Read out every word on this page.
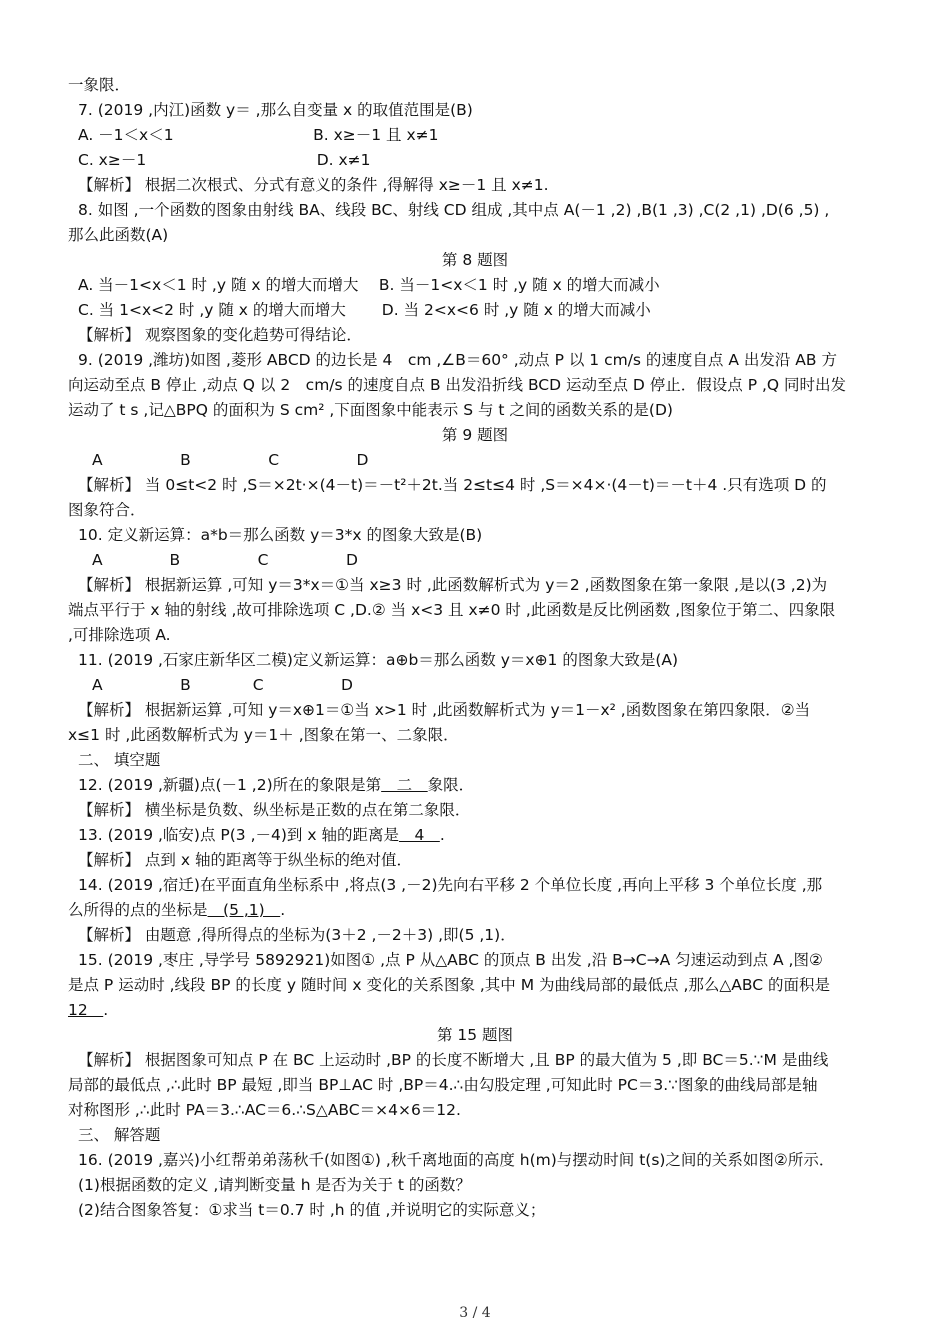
一象限．
7. (2019 ,内江)函数 y＝ ,那么自变量 x 的取值范围是(B)
A. －1＜x＜1　　　　　　　　　B. x≥－1 且 x≠1
C. x≥－1　　　　　　　　　　　D. x≠1
【解析】 根据二次根式、分式有意义的条件 ,得解得 x≥－1 且 x≠1.
8. 如图 ,一个函数的图象由射线 BA、线段 BC、射线 CD 组成 ,其中点 A(－1 ,2) ,B(1 ,3) ,C(2 ,1) ,D(6 ,5) ,
那么此函数(A)
第 8 题图
A. 当－1<x＜1 时 ,y 随 x 的增大而增大　 B. 当－1<x＜1 时 ,y 随 x 的增大而减小
C. 当 1<x<2 时 ,y 随 x 的增大而增大　　 D. 当 2<x<6 时 ,y 随 x 的增大而减小
【解析】 观察图象的变化趋势可得结论．
9. (2019 ,潍坊)如图 ,菱形 ABCD 的边长是 4　cm ,∠B＝60° ,动点 P 以 1 cm/s 的速度自点 A 出发沿 AB 方
向运动至点 B 停止 ,动点 Q 以 2　cm/s 的速度自点 B 出发沿折线 BCD 运动至点 D 停止．假设点 P ,Q 同时出发
运动了 t s ,记△BPQ 的面积为 S cm² ,下面图象中能表示 S 与 t 之间的函数关系的是(D)
第 9 题图
A　　　　　B　　　　　C　　　　　D
【解析】 当 0≤t<2 时 ,S＝×2t·×(4－t)＝－t²＋2t.当 2≤t≤4 时 ,S＝×4×·(4－t)＝－t＋4 .只有选项 D 的
图象符合．
10. 定义新运算：a*b＝那么函数 y＝3*x 的图象大致是(B)
A　　　　 B　　　　　C　　　　　D
【解析】 根据新运算 ,可知 y＝3*x＝①当 x≥3 时 ,此函数解析式为 y＝2 ,函数图象在第一象限 ,是以(3 ,2)为
端点平行于 x 轴的射线 ,故可排除选项 C ,D.② 当 x<3 且 x≠0 时 ,此函数是反比例函数 ,图象位于第二、四象限
,可排除选项 A.
11. (2019 ,石家庄新华区二模)定义新运算：a⊕b＝那么函数 y＝x⊕1 的图象大致是(A)
A　　　　　B　　　　C　　　　　D
【解析】 根据新运算 ,可知 y＝x⊕1＝①当 x>1 时 ,此函数解析式为 y＝1－x² ,函数图象在第四象限．②当
x≤1 时 ,此函数解析式为 y＝1＋ ,图象在第一、二象限．
二、 填空题
12. (2019 ,新疆)点(－1 ,2)所在的象限是第　二　象限．
【解析】 横坐标是负数、纵坐标是正数的点在第二象限．
13. (2019 ,临安)点 P(3 ,－4)到 x 轴的距离是　4　.
【解析】 点到 x 轴的距离等于纵坐标的绝对值．
14. (2019 ,宿迁)在平面直角坐标系中 ,将点(3 ,－2)先向右平移 2 个单位长度 ,再向上平移 3 个单位长度 ,那
么所得的点的坐标是　(5 ,1)　.
【解析】 由题意 ,得所得点的坐标为(3＋2 ,－2＋3) ,即(5 ,1)．
15. (2019 ,枣庄 ,导学号 5892921)如图① ,点 P 从△ABC 的顶点 B 出发 ,沿 B→C→A 匀速运动到点 A ,图②
是点 P 运动时 ,线段 BP 的长度 y 随时间 x 变化的关系图象 ,其中 M 为曲线局部的最低点 ,那么△ABC 的面积是
12　.
第 15 题图
【解析】 根据图象可知点 P 在 BC 上运动时 ,BP 的长度不断增大 ,且 BP 的最大值为 5 ,即 BC＝5.∵M 是曲线
局部的最低点 ,∴此时 BP 最短 ,即当 BP⊥AC 时 ,BP＝4.∴由勾股定理 ,可知此时 PC＝3.∵图象的曲线局部是轴
对称图形 ,∴此时 PA＝3.∴AC＝6.∴S△ABC＝×4×6＝12.
三、 解答题
16. (2019 ,嘉兴)小红帮弟弟荡秋千(如图①) ,秋千离地面的高度 h(m)与摆动时间 t(s)之间的关系如图②所示．
(1)根据函数的定义 ,请判断变量 h 是否为关于 t 的函数？
(2)结合图象答复：①求当 t＝0.7 时 ,h 的值 ,并说明它的实际意义；
3 / 4
